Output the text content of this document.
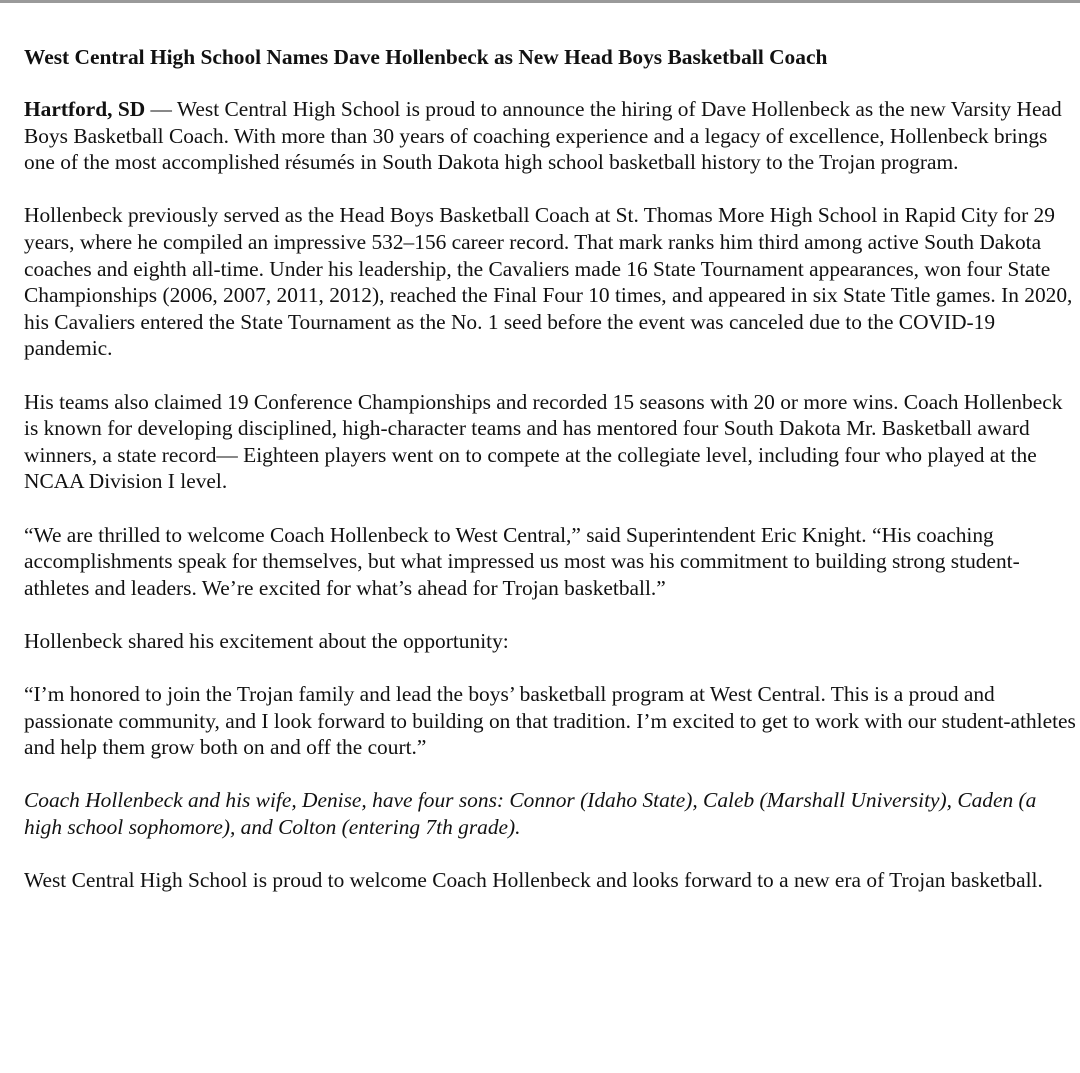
West Central High School Names Dave Hollenbeck as New Head Boys Basketball Coach

Hartford, SD — West Central High School is proud to announce the hiring of Dave Hollenbeck as the new Varsity Head Boys Basketball Coach. With more than 30 years of coaching experience and a legacy of excellence, Hollenbeck brings one of the most accomplished résumés in South Dakota high school basketball history to the Trojan program.

Hollenbeck previously served as the Head Boys Basketball Coach at St. Thomas More High School in Rapid City for 29 years, where he compiled an impressive 532–156 career record. That mark ranks him third among active South Dakota coaches and eighth all-time. Under his leadership, the Cavaliers made 16 State Tournament appearances, won four State Championships (2006, 2007, 2011, 2012), reached the Final Four 10 times, and appeared in six State Title games. In 2020, his Cavaliers entered the State Tournament as the No. 1 seed before the event was canceled due to the COVID-19 pandemic.

His teams also claimed 19 Conference Championships and recorded 15 seasons with 20 or more wins. Coach Hollenbeck is known for developing disciplined, high-character teams and has mentored four South Dakota Mr. Basketball award winners, a state record— Eighteen players went on to compete at the collegiate level, including four who played at the NCAA Division I level.

“We are thrilled to welcome Coach Hollenbeck to West Central,” said Superintendent Eric Knight. “His coaching accomplishments speak for themselves, but what impressed us most was his commitment to building strong student-athletes and leaders. We’re excited for what’s ahead for Trojan basketball.”

Hollenbeck shared his excitement about the opportunity:

“I’m honored to join the Trojan family and lead the boys’ basketball program at West Central. This is a proud and passionate community, and I look forward to building on that tradition. I’m excited to get to work with our student-athletes and help them grow both on and off the court.”

Coach Hollenbeck and his wife, Denise, have four sons: Connor (Idaho State), Caleb (Marshall University), Caden (a high school sophomore), and Colton (entering 7th grade).

West Central High School is proud to welcome Coach Hollenbeck and looks forward to a new era of Trojan basketball.
